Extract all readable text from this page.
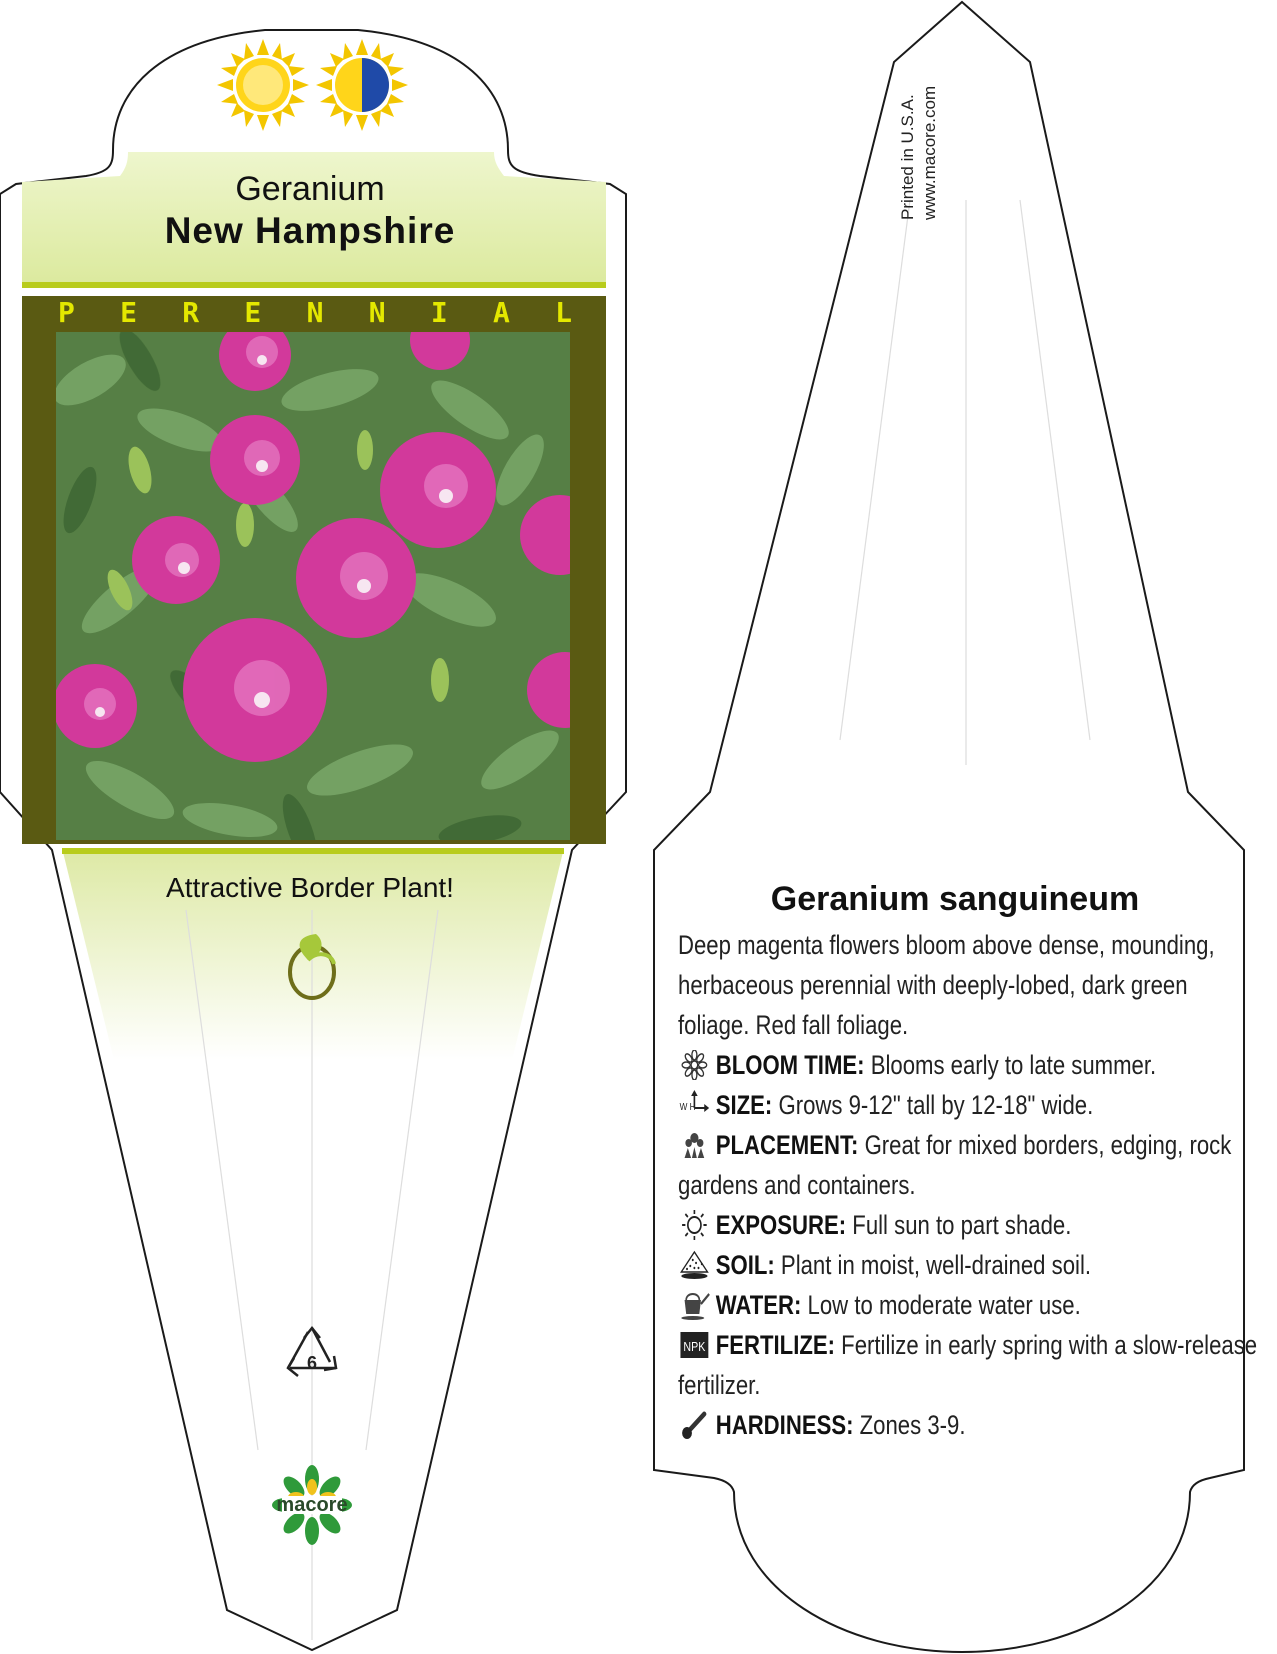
Geranium

New Hampshire

P E R E N N I A L

Attractive Border Plant!

6
macore
Printed in U.S.A. www.macore.com

Geranium sanguineum

Deep magenta flowers bloom above dense, mounding, herbaceous perennial with deeply-lobed, dark green foliage. Red fall foliage.

BLOOM TIME: Blooms early to late summer.

W H SIZE: Grows 9-12" tall by 12-18" wide.

PLACEMENT: Great for mixed borders, edging, rock gardens and containers.

EXPOSURE: Full sun to part shade.

SOIL: Plant in moist, well-drained soil.

WATER: Low to moderate water use.

NPK FERTILIZE: Fertilize in early spring with a slow-release fertilizer.

HARDINESS: Zones 3-9.
